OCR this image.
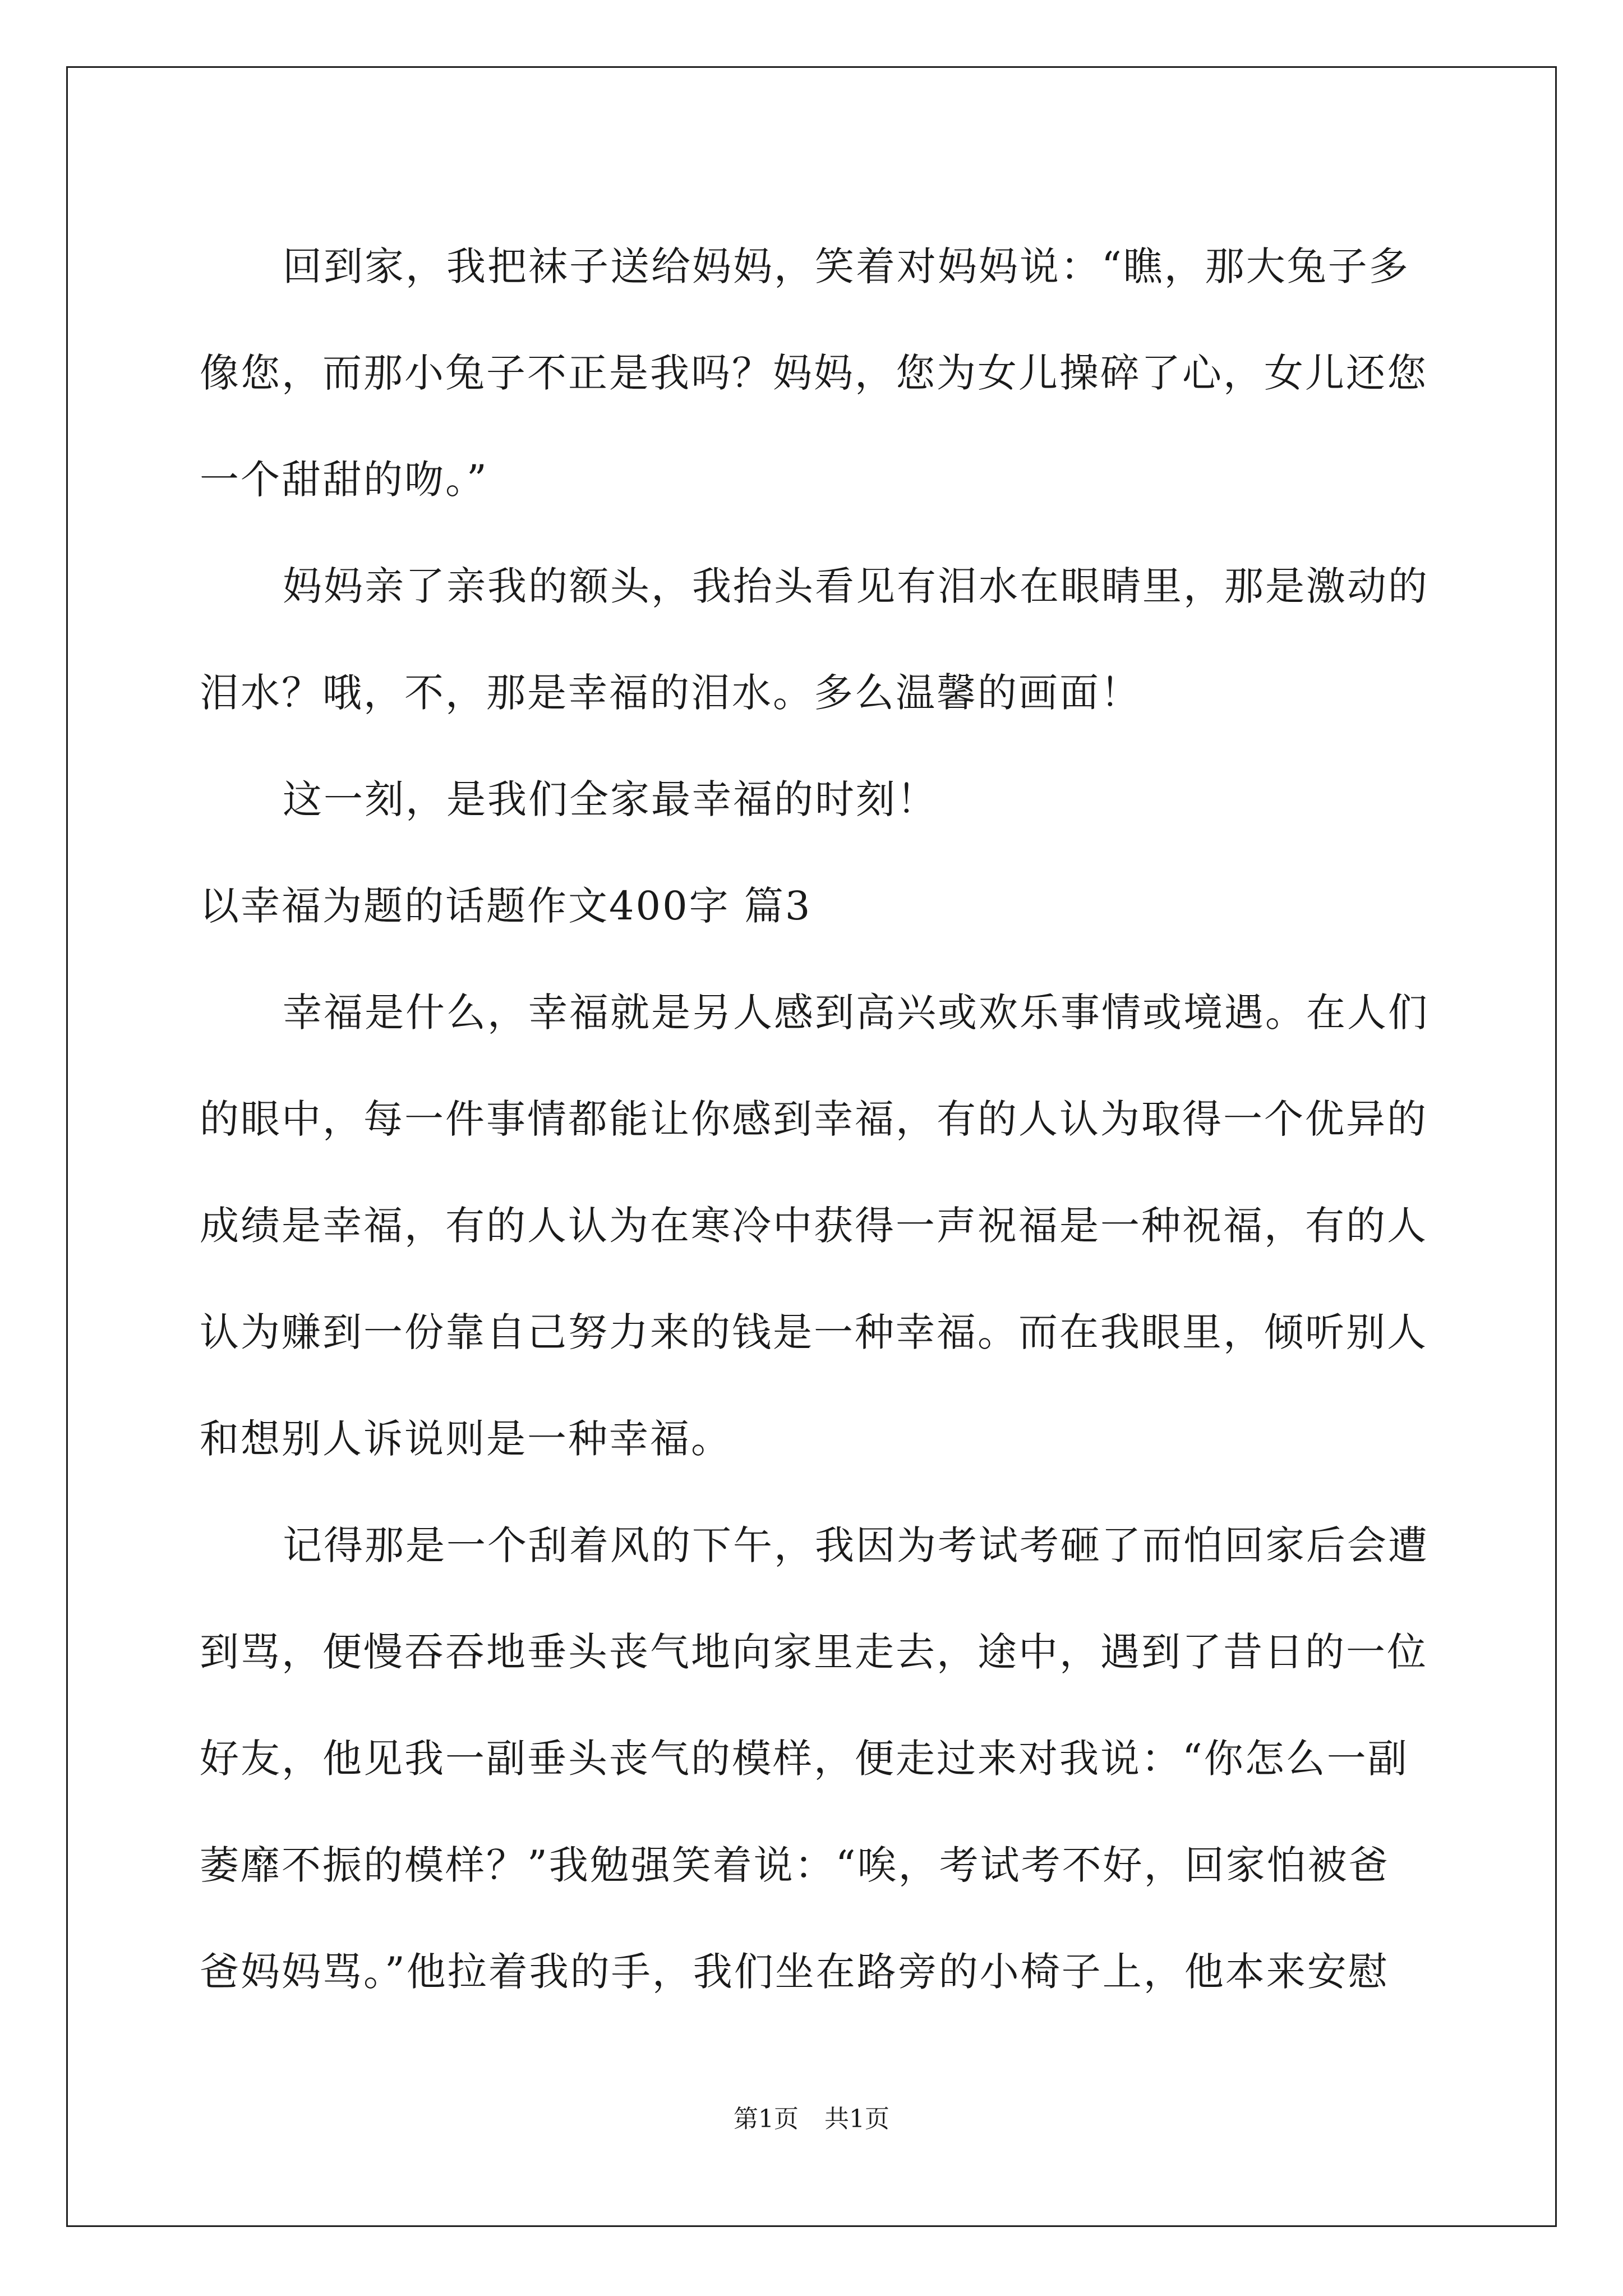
回到家，我把袜子送给妈妈，笑着对妈妈说：“瞧，那大兔子多
像您，而那小兔子不正是我吗？妈妈，您为女儿操碎了心，女儿还您
一个甜甜的吻。”
妈妈亲了亲我的额头，我抬头看见有泪水在眼睛里，那是激动的
泪水？哦，不，那是幸福的泪水。多么温馨的画面！
这一刻，是我们全家最幸福的时刻！
以幸福为题的话题作文400字 篇3
幸福是什么，幸福就是另人感到高兴或欢乐事情或境遇。在人们
的眼中，每一件事情都能让你感到幸福，有的人认为取得一个优异的
成绩是幸福，有的人认为在寒冷中获得一声祝福是一种祝福，有的人
认为赚到一份靠自己努力来的钱是一种幸福。而在我眼里，倾听别人
和想别人诉说则是一种幸福。
记得那是一个刮着风的下午，我因为考试考砸了而怕回家后会遭
到骂，便慢吞吞地垂头丧气地向家里走去，途中，遇到了昔日的一位
好友，他见我一副垂头丧气的模样，便走过来对我说：“你怎么一副
萎靡不振的模样？”我勉强笑着说：“唉，考试考不好，回家怕被爸
爸妈妈骂。”他拉着我的手，我们坐在路旁的小椅子上，他本来安慰
第1页 共1页
